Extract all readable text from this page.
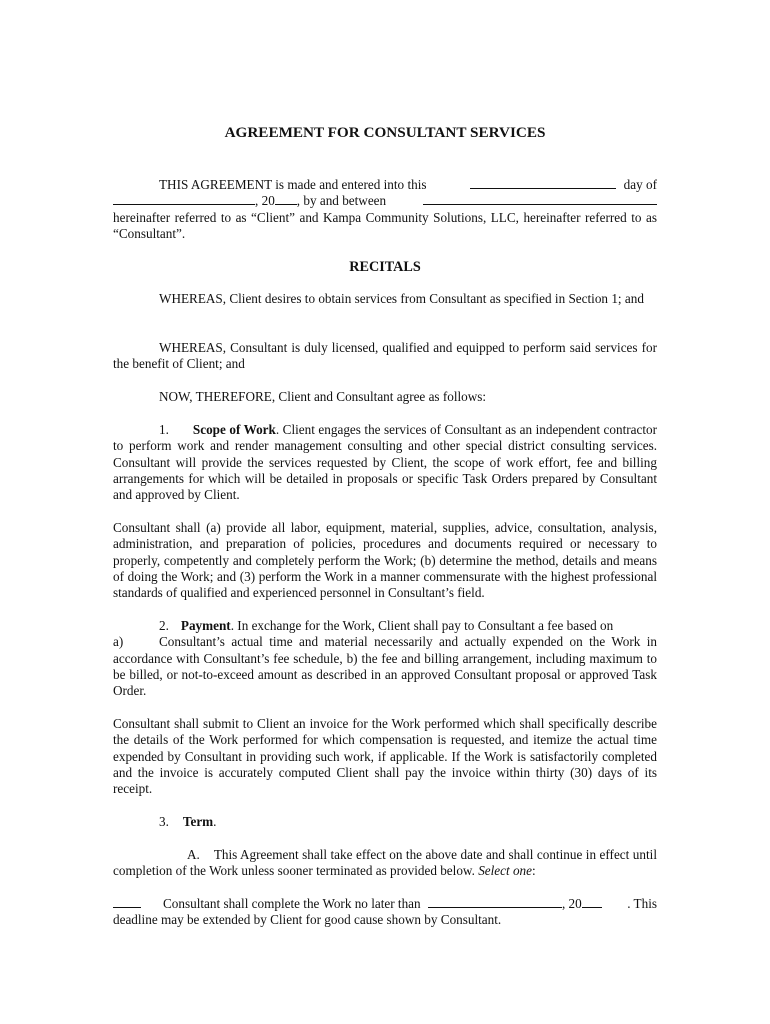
AGREEMENT FOR CONSULTANT SERVICES
THIS AGREEMENT is made and entered into this	day of
, 20 , by and between
hereinafter referred to as “Client” and Kampa Community Solutions, LLC, hereinafter referred to as “Consultant”.
RECITALS
WHEREAS, Client desires to obtain services from Consultant as specified in Section 1; and
WHEREAS, Consultant is duly licensed, qualified and equipped to perform said services for the benefit of Client; and
NOW, THEREFORE, Client and Consultant agree as follows:
1. Scope of Work. Client engages the services of Consultant as an independent contractor to perform work and render management consulting and other special district consulting services. Consultant will provide the services requested by Client, the scope of work effort, fee and billing arrangements for which will be detailed in proposals or specific Task Orders prepared by Consultant and approved by Client.
Consultant shall (a) provide all labor, equipment, material, supplies, advice, consultation, analysis, administration, and preparation of policies, procedures and documents required or necessary to properly, competently and completely perform the Work; (b) determine the method, details and means of doing the Work; and (3) perform the Work in a manner commensurate with the highest professional standards of qualified and experienced personnel in Consultant’s field.
2. Payment. In exchange for the Work, Client shall pay to Consultant a fee based on
a)	Consultant’s actual time and material necessarily and actually expended on the Work in accordance with Consultant’s fee schedule, b) the fee and billing arrangement, including maximum to be billed, or not-to-exceed amount as described in an approved Consultant proposal or approved Task Order.
Consultant shall submit to Client an invoice for the Work performed which shall specifically describe the details of the Work performed for which compensation is requested, and itemize the actual time expended by Consultant in providing such work, if applicable. If the Work is satisfactorily completed and the invoice is accurately computed Client shall pay the invoice within thirty (30) days of its receipt.
3. Term.
A. This Agreement shall take effect on the above date and shall continue in effect until completion of the Work unless sooner terminated as provided below. Select one:
Consultant shall complete the Work no later than	, 20	. This
deadline may be extended by Client for good cause shown by Consultant.
